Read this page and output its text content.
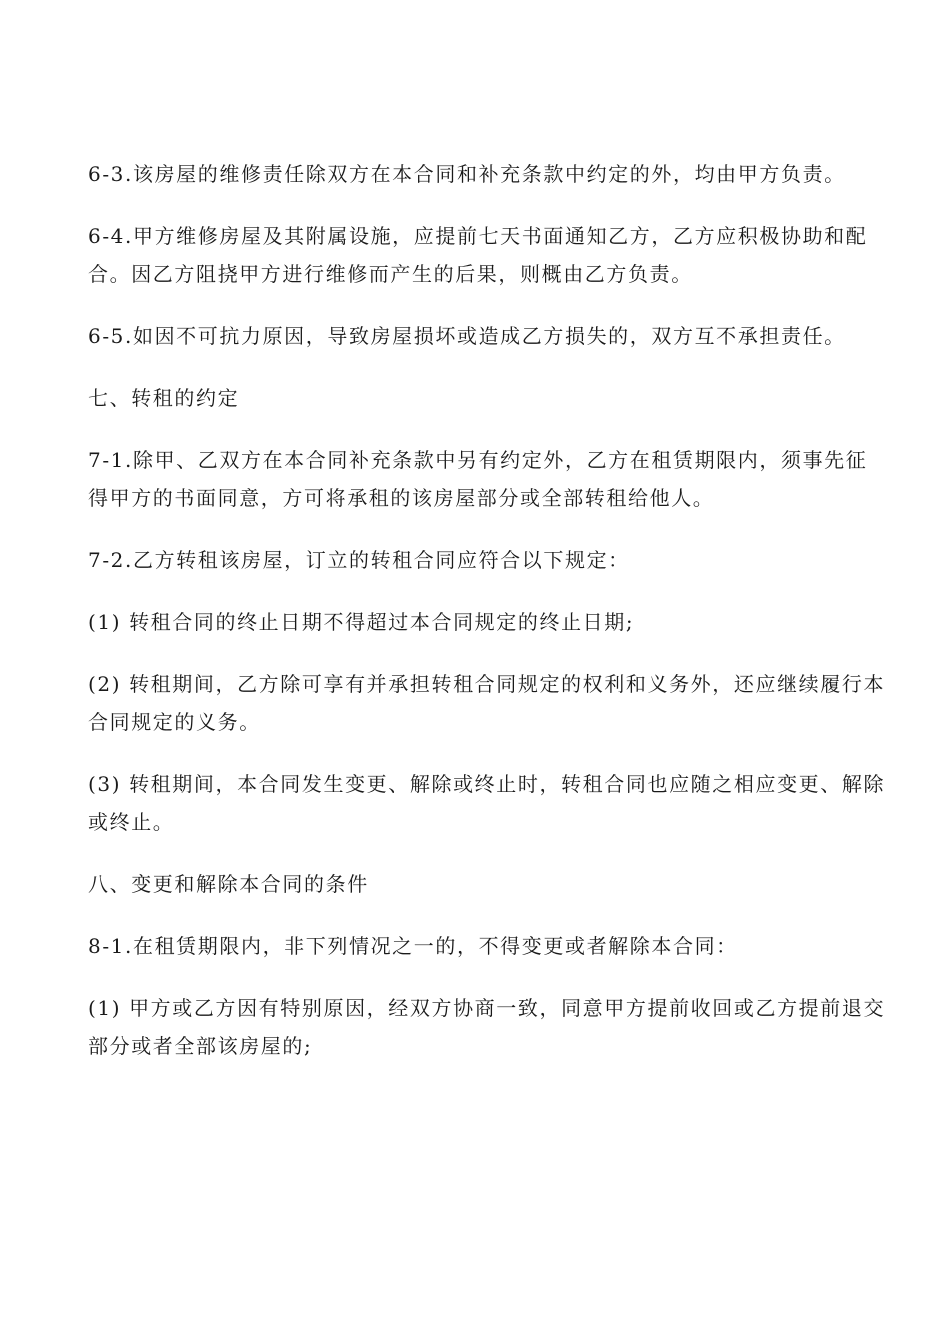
6-3.该房屋的维修责任除双方在本合同和补充条款中约定的外，均由甲方负责。

6-4.甲方维修房屋及其附属设施，应提前七天书面通知乙方，乙方应积极协助和配合。因乙方阻挠甲方进行维修而产生的后果，则概由乙方负责。

6-5.如因不可抗力原因，导致房屋损坏或造成乙方损失的，双方互不承担责任。

七、转租的约定

7-1.除甲、乙双方在本合同补充条款中另有约定外，乙方在租赁期限内，须事先征得甲方的书面同意，方可将承租的该房屋部分或全部转租给他人。

7-2.乙方转租该房屋，订立的转租合同应符合以下规定：

(1) 转租合同的终止日期不得超过本合同规定的终止日期;

(2) 转租期间，乙方除可享有并承担转租合同规定的权利和义务外，还应继续履行本合同规定的义务。

(3) 转租期间，本合同发生变更、解除或终止时，转租合同也应随之相应变更、解除或终止。

八、变更和解除本合同的条件

8-1.在租赁期限内，非下列情况之一的，不得变更或者解除本合同：

(1) 甲方或乙方因有特别原因，经双方协商一致，同意甲方提前收回或乙方提前退交部分或者全部该房屋的;
